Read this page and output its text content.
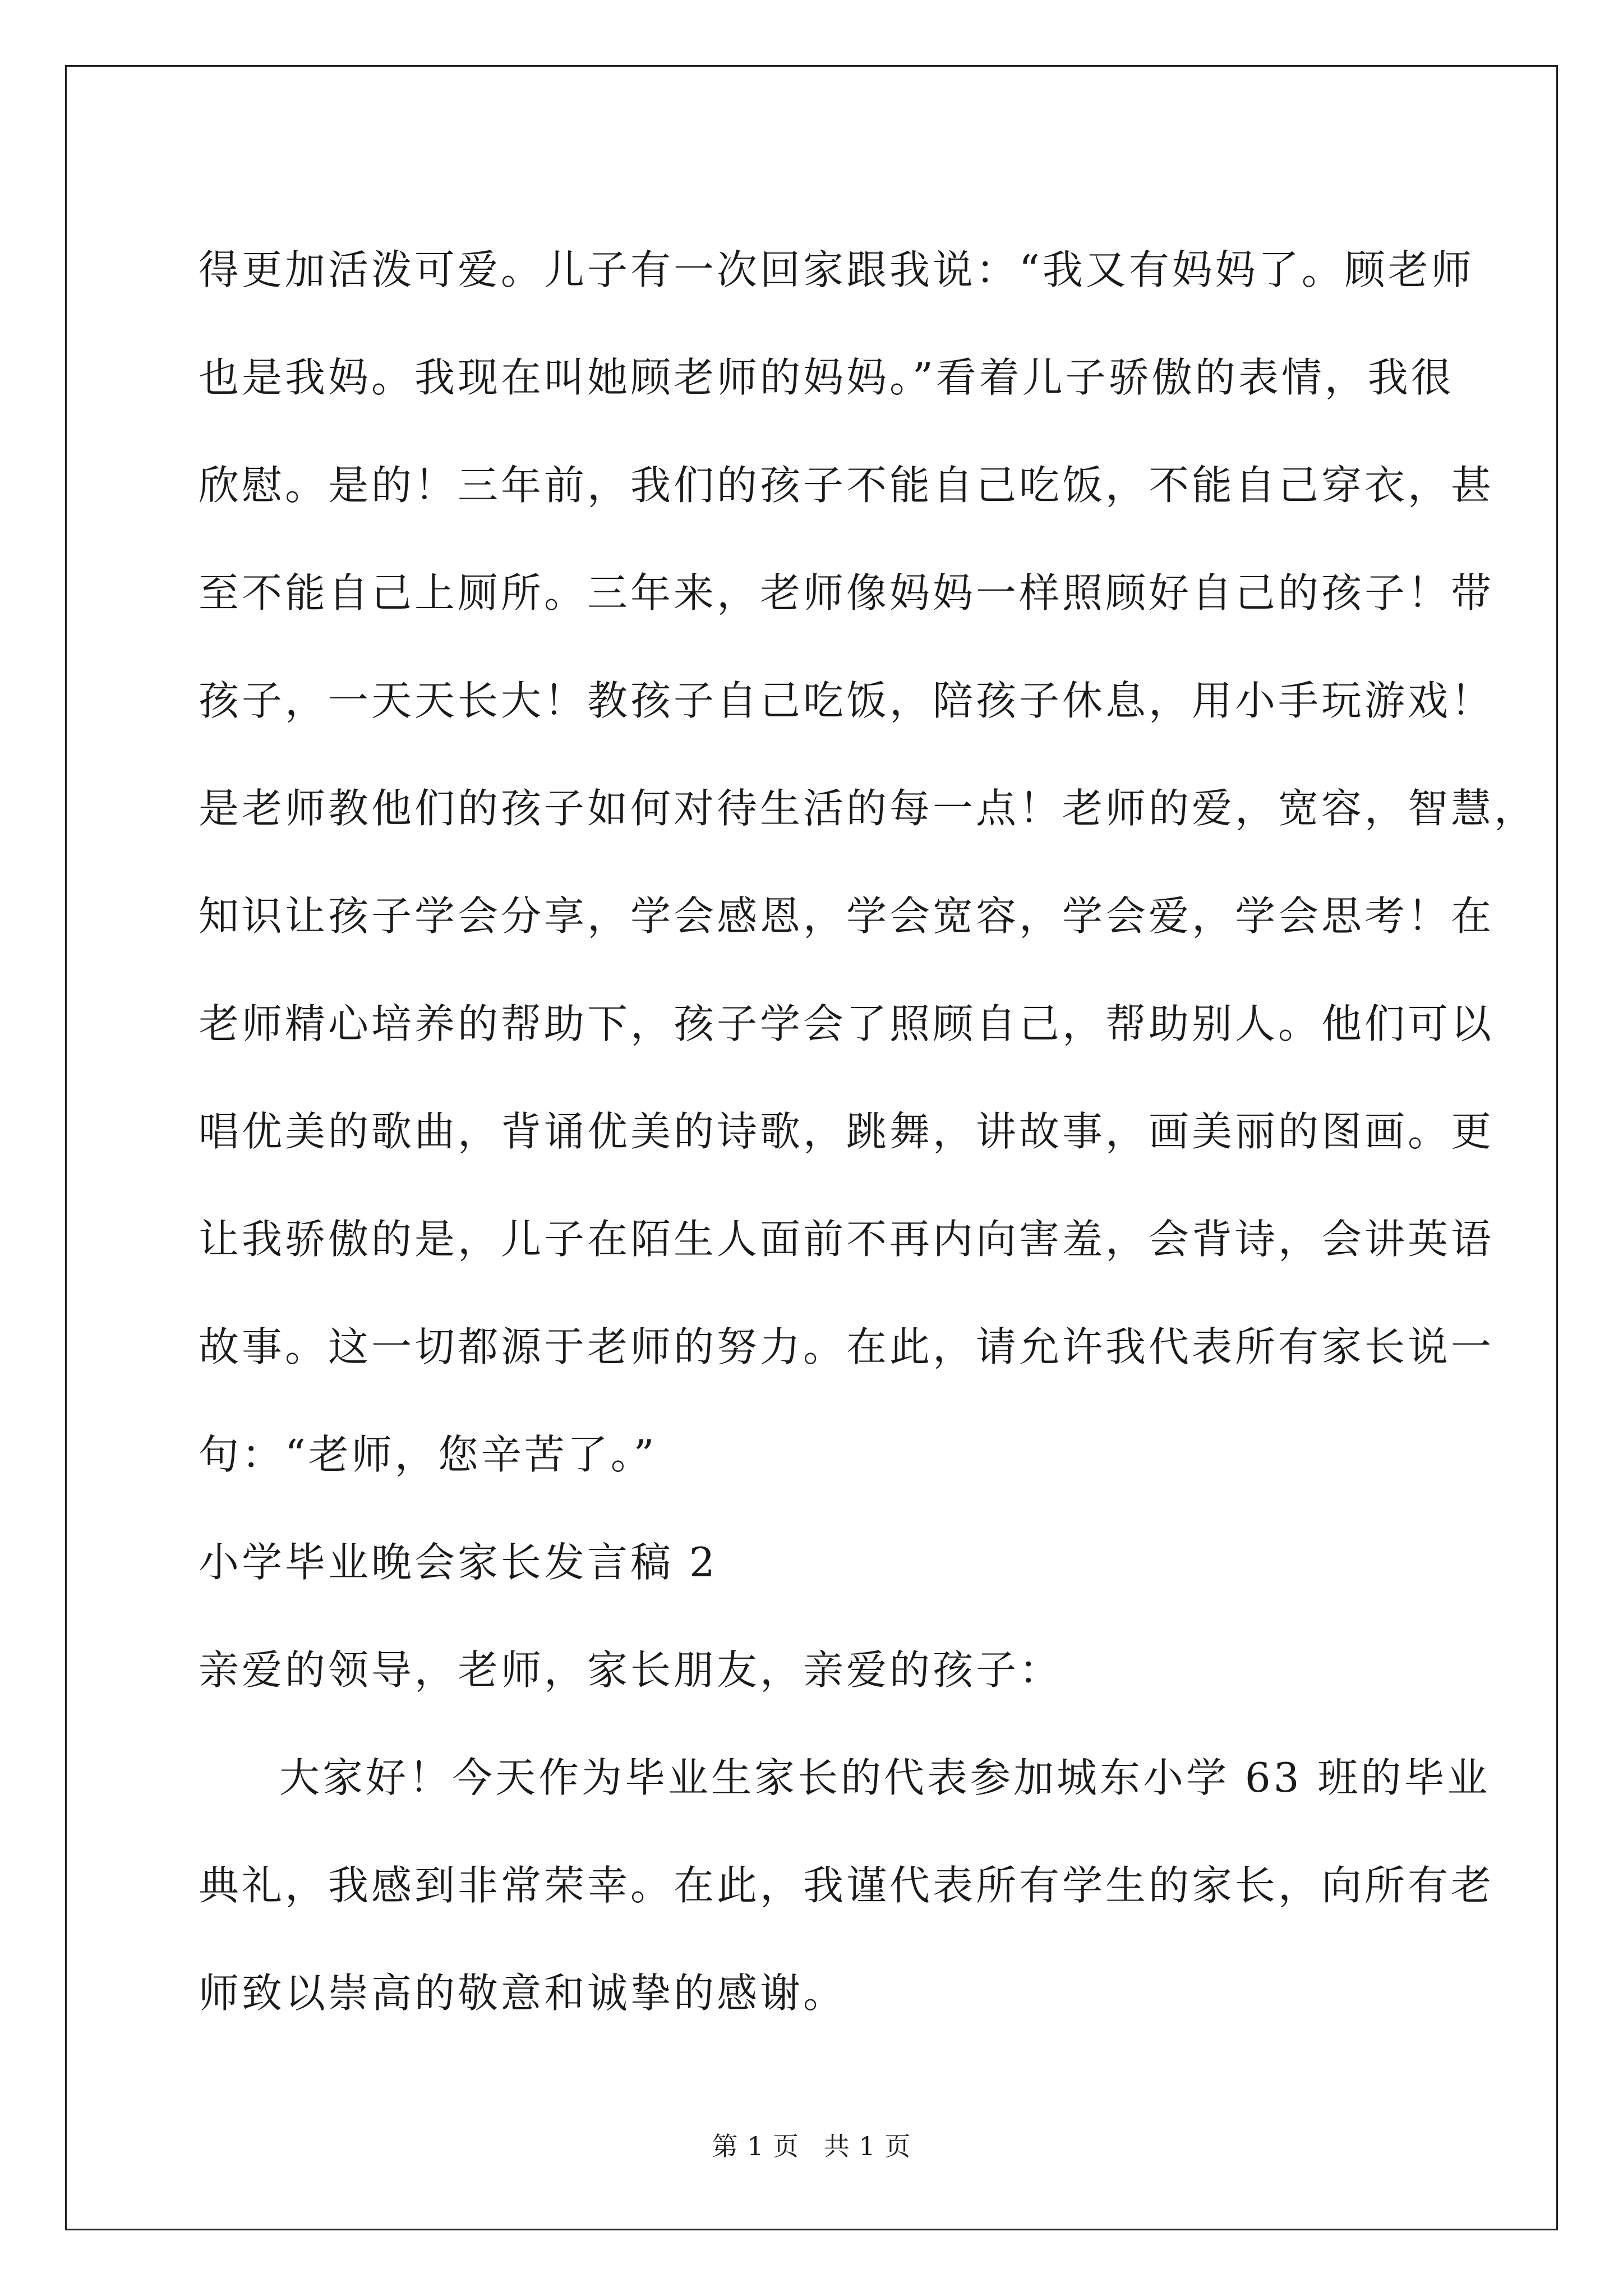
得更加活泼可爱。儿子有一次回家跟我说：“我又有妈妈了。顾老师
也是我妈。我现在叫她顾老师的妈妈。”看着儿子骄傲的表情，我很
欣慰。是的！三年前，我们的孩子不能自己吃饭，不能自己穿衣，甚
至不能自己上厕所。三年来，老师像妈妈一样照顾好自己的孩子！带
孩子，一天天长大！教孩子自己吃饭，陪孩子休息，用小手玩游戏！
是老师教他们的孩子如何对待生活的每一点！老师的爱，宽容，智慧，
知识让孩子学会分享，学会感恩，学会宽容，学会爱，学会思考！在
老师精心培养的帮助下，孩子学会了照顾自己，帮助别人。他们可以
唱优美的歌曲，背诵优美的诗歌，跳舞，讲故事，画美丽的图画。更
让我骄傲的是，儿子在陌生人面前不再内向害羞，会背诗，会讲英语
故事。这一切都源于老师的努力。在此，请允许我代表所有家长说一
句：“老师，您辛苦了。”

小学毕业晚会家长发言稿 2

亲爱的领导，老师，家长朋友，亲爱的孩子：

大家好！今天作为毕业生家长的代表参加城东小学 63 班的毕业
典礼，我感到非常荣幸。在此，我谨代表所有学生的家长，向所有老
师致以崇高的敬意和诚挚的感谢。

第 1 页 共 1 页
